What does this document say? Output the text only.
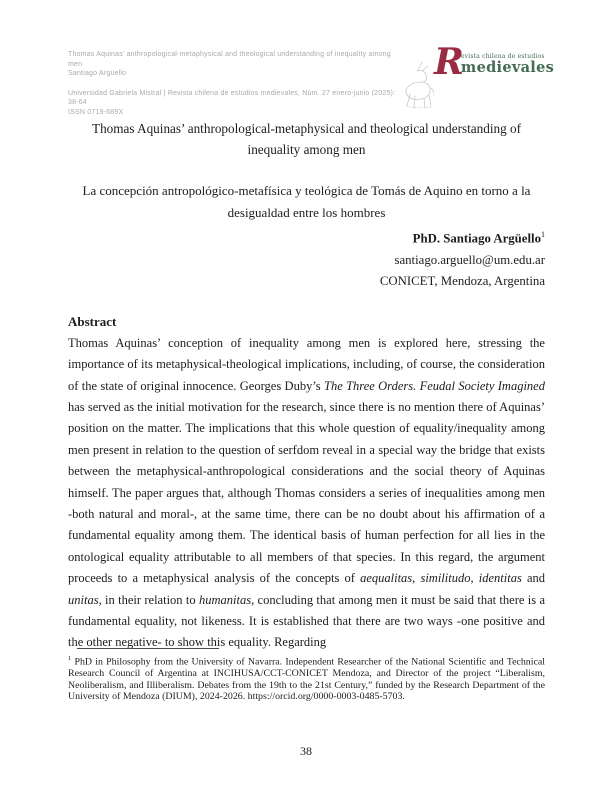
Thomas Aquinas’ anthropological-metaphysical and theological understanding of inequality among men
Santiago Argüello
Universidad Gabriela Mistral | Revista chilena de estudios medievales, Núm. 27 enero-junio (2025): 38-64
ISSN 0719-689X
R
evista chilena de estudios
medievales
Thomas Aquinas’ anthropological-metaphysical and theological understanding of inequality among men
La concepción antropológico-metafísica y teológica de Tomás de Aquino en torno a la desigualdad entre los hombres
PhD. Santiago Argüello$^1$
santiago.arguello@um.edu.ar
CONICET, Mendoza, Argentina
Abstract

Thomas Aquinas’ conception of inequality among men is explored here, stressing the importance of its metaphysical-theological implications, including, of course, the consideration of the state of original innocence. Georges Duby’s The Three Orders. Feudal Society Imagined has served as the initial motivation for the research, since there is no mention there of Aquinas’ position on the matter. The implications that this whole question of equality/inequality among men present in relation to the question of serfdom reveal in a special way the bridge that exists between the metaphysical-anthropological considerations and the social theory of Aquinas himself. The paper argues that, although Thomas considers a series of inequalities among men -both natural and moral-, at the same time, there can be no doubt about his affirmation of a fundamental equality among them. The identical basis of human perfection for all lies in the ontological equality attributable to all members of that species. In this regard, the argument proceeds to a metaphysical analysis of the concepts of aequalitas, similitudo, identitas and unitas, in their relation to humanitas, concluding that among men it must be said that there is a fundamental equality, not likeness. It is established that there are two ways -one positive and the other negative- to show this equality. Regarding

$^1$ PhD in Philosophy from the University of Navarra. Independent Researcher of the National Scientific and Technical Research Council of Argentina at INCIHUSA/CCT-CONICET Mendoza, and Director of the project “Liberalism, Neoliberalism, and Illiberalism. Debates from the 19th to the 21st Century,” funded by the Research Department of the University of Mendoza (DIUM), 2024-2026. https://orcid.org/0000-0003-0485-5703.

38
